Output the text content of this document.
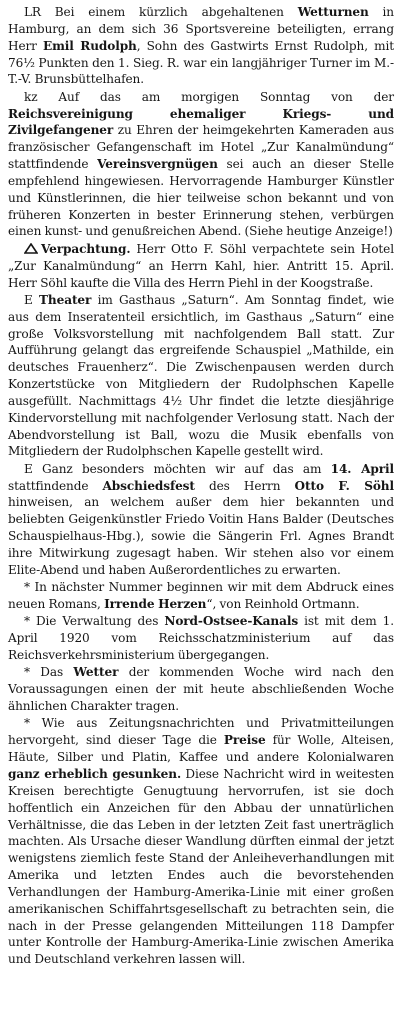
LR Bei einem kürzlich abgehaltenen Wetturnen in Hamburg, an dem sich 36 Sportsvereine beteiligten, errang Herr Emil Rudolph, Sohn des Gastwirts Ernst Rudolph, mit 76½ Punkten den 1. Sieg. R. war ein langjähriger Turner im M.-T.-V. Brunsbüttelhafen.

kz Auf das am morgigen Sonntag von der Reichsvereinigung ehemaliger Kriegs- und Zivilgefangener zu Ehren der heimgekehrten Kameraden aus französischer Gefangenschaft im Hotel „Zur Kanalmündung“ stattfindende Vereinsvergnügen sei auch an dieser Stelle empfehlend hingewiesen. Hervorragende Hamburger Künstler und Künstlerinnen, die hier teilweise schon bekannt und von früheren Konzerten in bester Erinnerung stehen, verbürgen einen kunst- und genußreichen Abend. (Siehe heutige Anzeige!)

Verpachtung. Herr Otto F. Söhl verpachtete sein Hotel „Zur Kanalmündung“ an Herrn Kahl, hier. Antritt 15. April. Herr Söhl kaufte die Villa des Herrn Piehl in der Koogstraße.

E Theater im Gasthaus „Saturn“. Am Sonntag findet, wie aus dem Inseratenteil ersichtlich, im Gasthaus „Saturn“ eine große Volksvorstellung mit nachfolgendem Ball statt. Zur Aufführung gelangt das ergreifende Schauspiel „Mathilde, ein deutsches Frauenherz“. Die Zwischenpausen werden durch Konzertstücke von Mitgliedern der Rudolphschen Kapelle ausgefüllt. Nachmittags 4½ Uhr findet die letzte diesjährige Kindervorstellung mit nachfolgender Verlosung statt. Nach der Abendvorstellung ist Ball, wozu die Musik ebenfalls von Mitgliedern der Rudolphschen Kapelle gestellt wird.

E Ganz besonders möchten wir auf das am 14. April stattfindende Abschiedsfest des Herrn Otto F. Söhl hinweisen, an welchem außer dem hier bekannten und beliebten Geigenkünstler Friedo Voitin Hans Balder (Deutsches Schauspielhaus-Hbg.), sowie die Sängerin Frl. Agnes Brandt ihre Mitwirkung zugesagt haben. Wir stehen also vor einem Elite-Abend und haben Außerordentliches zu erwarten.

* In nächster Nummer beginnen wir mit dem Abdruck eines neuen Romans, Irrende Herzen“, von Reinhold Ortmann.

* Die Verwaltung des Nord-Ostsee-Kanals ist mit dem 1. April 1920 vom Reichsschatzministerium auf das Reichsverkehrsministerium übergegangen.

* Das Wetter der kommenden Woche wird nach den Voraussagungen einen der mit heute abschließenden Woche ähnlichen Charakter tragen.

* Wie aus Zeitungsnachrichten und Privatmitteilungen hervorgeht, sind dieser Tage die Preise für Wolle, Alteisen, Häute, Silber und Platin, Kaffee und andere Kolonialwaren ganz erheblich gesunken. Diese Nachricht wird in weitesten Kreisen berechtigte Genugtuung hervorrufen, ist sie doch hoffentlich ein Anzeichen für den Abbau der unnatürlichen Verhältnisse, die das Leben in der letzten Zeit fast unerträglich machten. Als Ursache dieser Wandlung dürften einmal der jetzt wenigstens ziemlich feste Stand der Anleiheverhandlungen mit Amerika und letzten Endes auch die bevorstehenden Verhandlungen der Hamburg-Amerika-Linie mit einer großen amerikanischen Schiffahrtsgesellschaft zu betrachten sein, die nach in der Presse gelangenden Mitteilungen 118 Dampfer unter Kontrolle der Hamburg-Amerika-Linie zwischen Amerika und Deutschland verkehren lassen will.
